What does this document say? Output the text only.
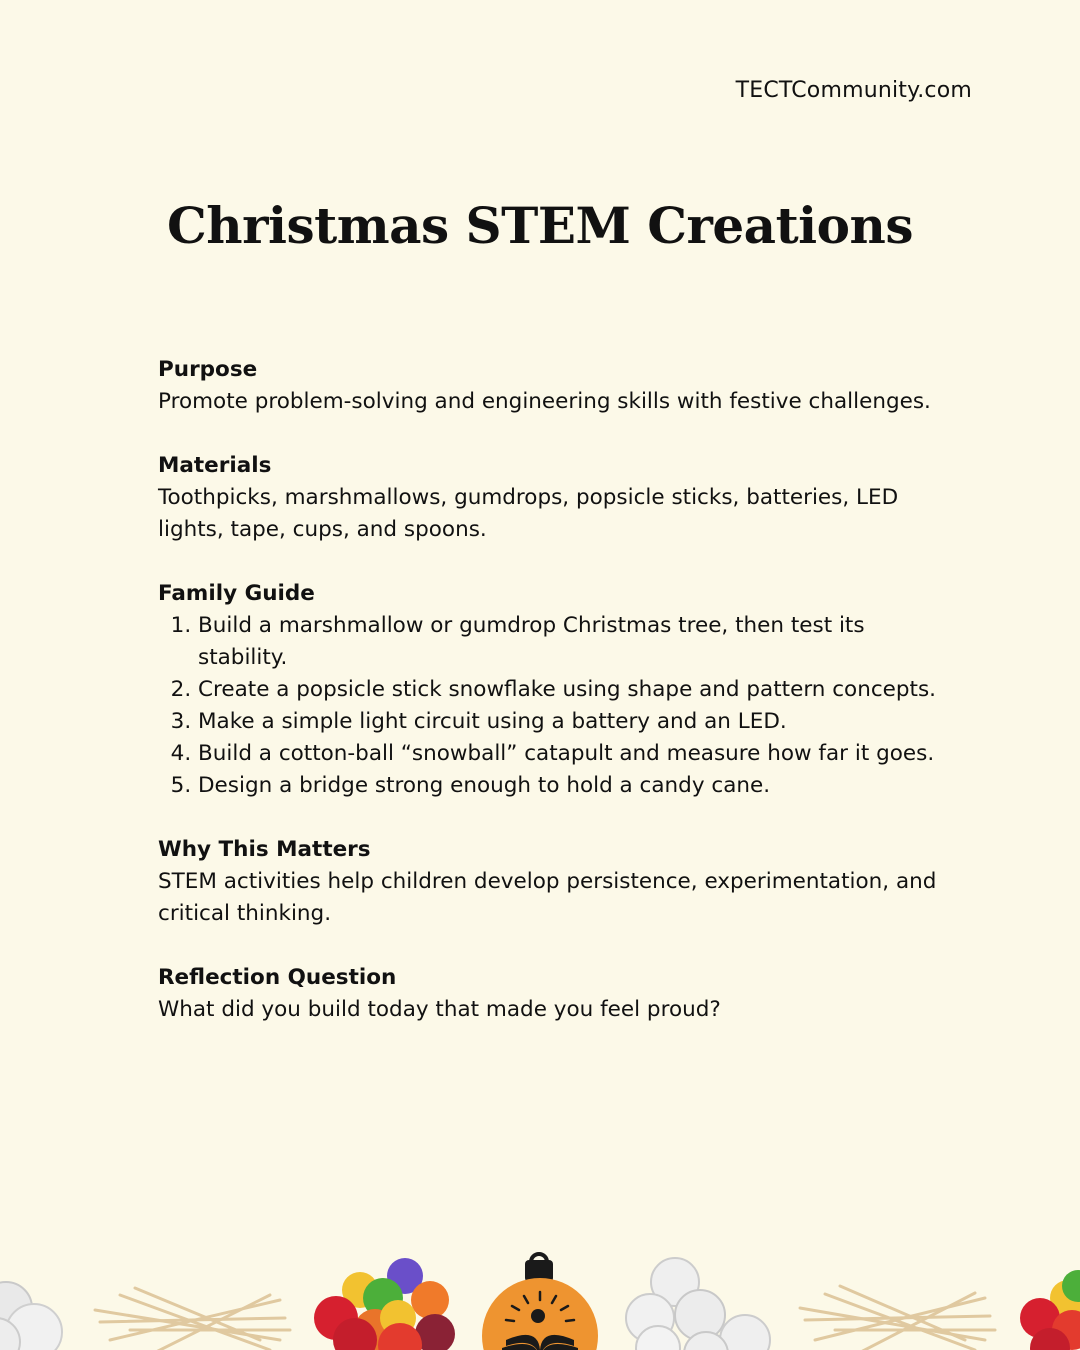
TECTCommunity.com
Christmas STEM Creations
Purpose
Promote problem-solving and engineering skills with festive challenges.
Materials
Toothpicks, marshmallows, gumdrops, popsicle sticks, batteries, LED lights, tape, cups, and spoons.
Family Guide
1. Build a marshmallow or gumdrop Christmas tree, then test its stability.
2. Create a popsicle stick snowflake using shape and pattern concepts.
3. Make a simple light circuit using a battery and an LED.
4. Build a cotton-ball “snowball” catapult and measure how far it goes.
5. Design a bridge strong enough to hold a candy cane.
Why This Matters
STEM activities help children develop persistence, experimentation, and critical thinking.
Reflection Question
What did you build today that made you feel proud?
